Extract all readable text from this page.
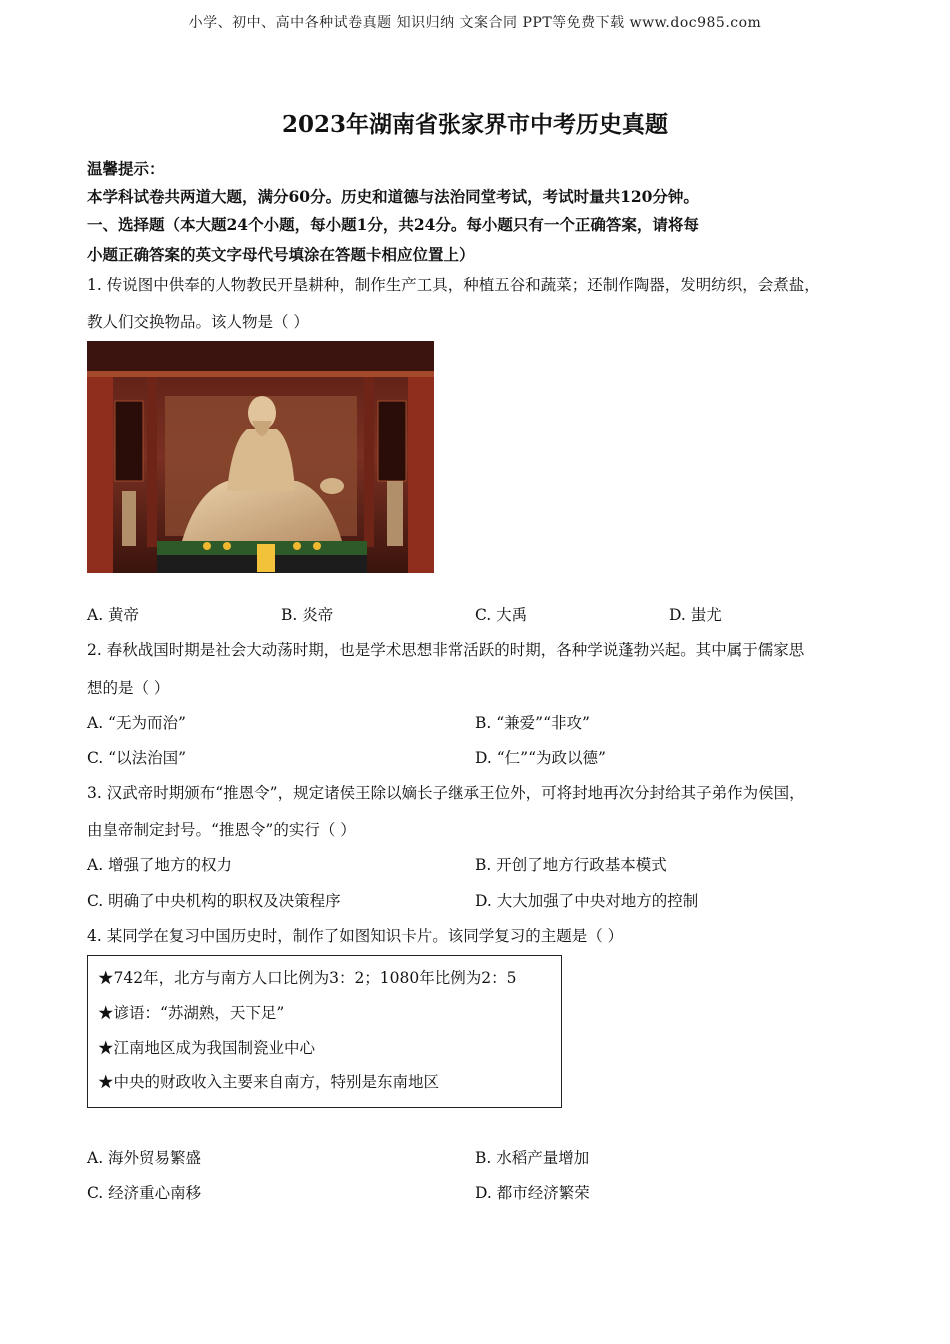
小学、初中、高中各种试卷真题 知识归纳 文案合同 PPT等免费下载 www.doc985.com
2023年湖南省张家界市中考历史真题
温馨提示：
本学科试卷共两道大题，满分60分。历史和道德与法治同堂考试，考试时量共120分钟。
一、选择题（本大题24个小题，每小题1分，共24分。每小题只有一个正确答案，请将每
小题正确答案的英文字母代号填涂在答题卡相应位置上）
1. 传说图中供奉的人物教民开垦耕种，制作生产工具，种植五谷和蔬菜；还制作陶器，发明纺织，会煮盐，
教人们交换物品。该人物是（ ）
A. 黄帝	B. 炎帝	C. 大禹	D. 蚩尤
2. 春秋战国时期是社会大动荡时期，也是学术思想非常活跃的时期，各种学说蓬勃兴起。其中属于儒家思
想的是（ ）
A. “无为而治”	B. “兼爱”“非攻”
C. “以法治国”	D. “仁”“为政以德”
3. 汉武帝时期颁布“推恩令”，规定诸侯王除以嫡长子继承王位外，可将封地再次分封给其子弟作为侯国，
由皇帝制定封号。“推恩令”的实行（ ）
A. 增强了地方的权力	B. 开创了地方行政基本模式
C. 明确了中央机构的职权及决策程序	D. 大大加强了中央对地方的控制
4. 某同学在复习中国历史时，制作了如图知识卡片。该同学复习的主题是（ ）
★742年，北方与南方人口比例为3：2；1080年比例为2：5
★谚语：“苏湖熟，天下足”
★江南地区成为我国制瓷业中心
★中央的财政收入主要来自南方，特别是东南地区
A. 海外贸易繁盛	B. 水稻产量增加
C. 经济重心南移	D. 都市经济繁荣
